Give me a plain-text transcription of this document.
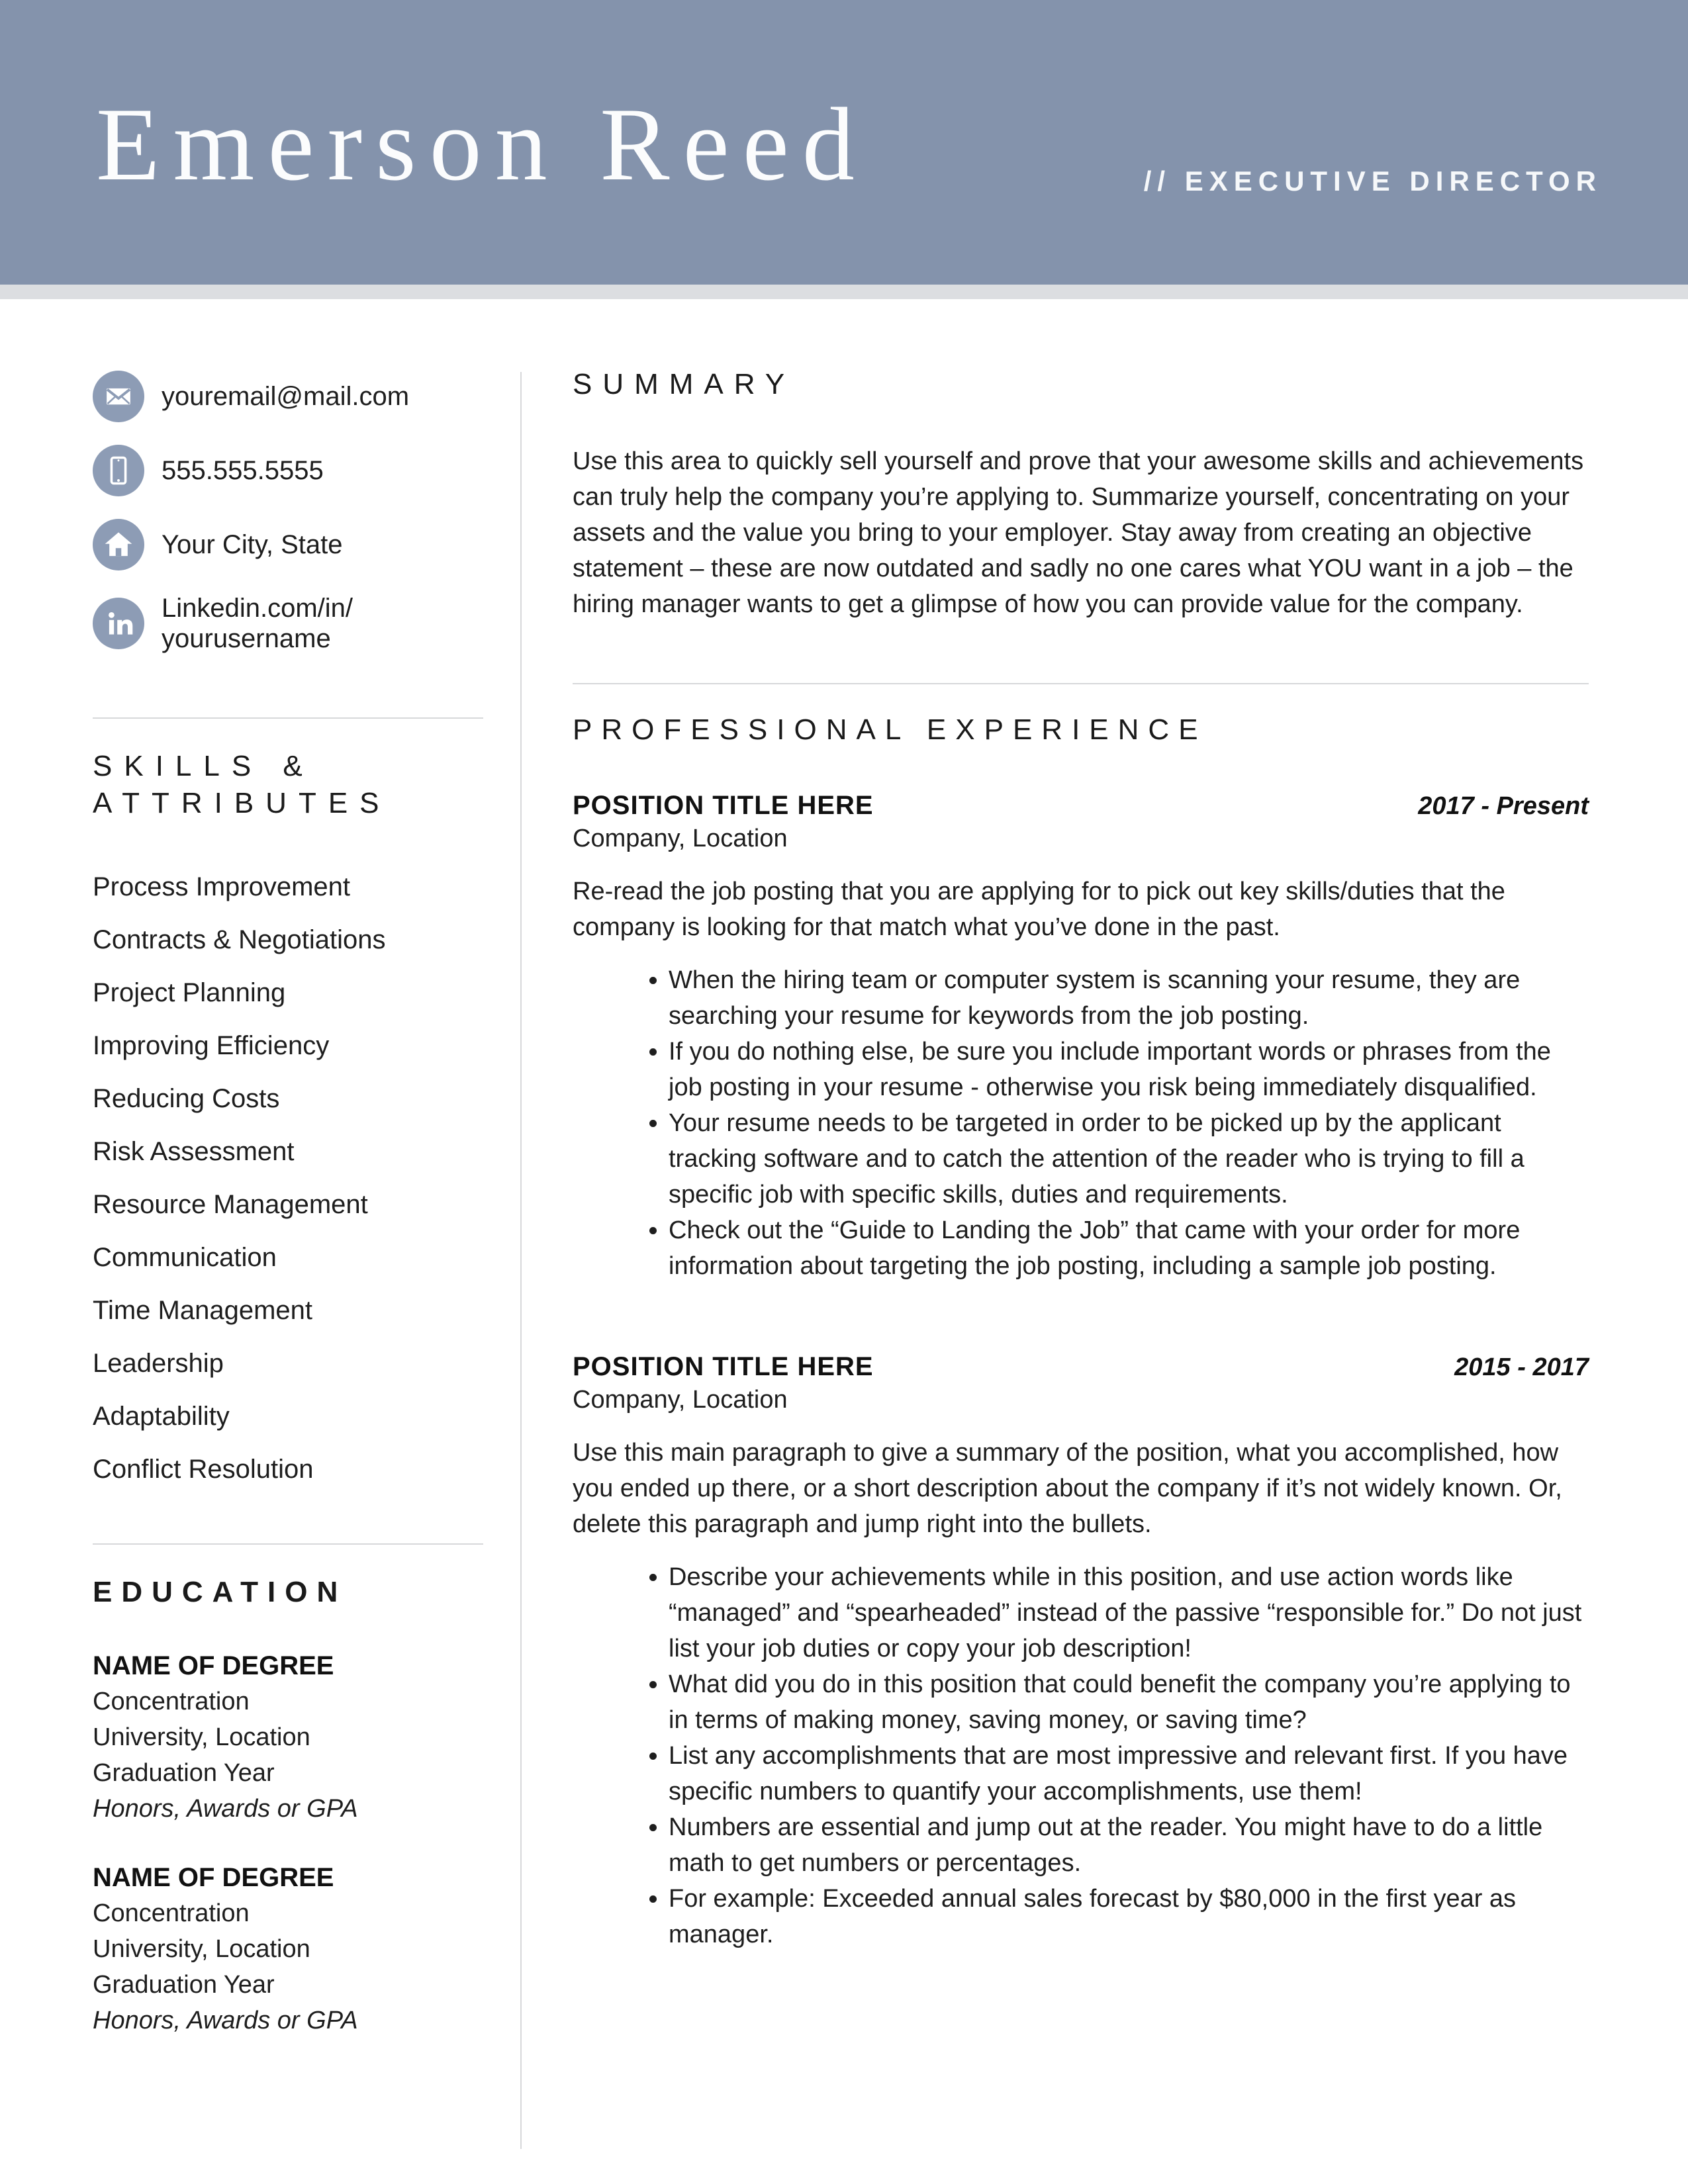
Emerson Reed	// EXECUTIVE DIRECTOR
youremail@mail.com
555.555.5555
Your City, State
Linkedin.com/in/
yourusername
SKILLS & ATTRIBUTES
Process Improvement
Contracts & Negotiations
Project Planning
Improving Efficiency
Reducing Costs
Risk Assessment
Resource Management
Communication
Time Management
Leadership
Adaptability
Conflict Resolution
EDUCATION
NAME OF DEGREE
Concentration
University, Location
Graduation Year
Honors, Awards or GPA
NAME OF DEGREE
Concentration
University, Location
Graduation Year
Honors, Awards or GPA
SUMMARY

Use this area to quickly sell yourself and prove that your awesome skills and achievements can truly help the company you’re applying to. Summarize yourself, concentrating on your assets and the value you bring to your employer. Stay away from creating an objective statement – these are now outdated and sadly no one cares what YOU want in a job – the hiring manager wants to get a glimpse of how you can provide value for the company.

PROFESSIONAL EXPERIENCE
POSITION TITLE HERE	2017 - Present
Company, Location

Re-read the job posting that you are applying for to pick out key skills/duties that the company is looking for that match what you’ve done in the past.

• When the hiring team or computer system is scanning your resume, they are searching your resume for keywords from the job posting.
• If you do nothing else, be sure you include important words or phrases from the job posting in your resume - otherwise you risk being immediately disqualified.
• Your resume needs to be targeted in order to be picked up by the applicant tracking software and to catch the attention of the reader who is trying to fill a specific job with specific skills, duties and requirements.
• Check out the “Guide to Landing the Job” that came with your order for more information about targeting the job posting, including a sample job posting.
POSITION TITLE HERE	2015 - 2017
Company, Location

Use this main paragraph to give a summary of the position, what you accomplished, how you ended up there, or a short description about the company if it’s not widely known. Or, delete this paragraph and jump right into the bullets.

• Describe your achievements while in this position, and use action words like “managed” and “spearheaded” instead of the passive “responsible for.” Do not just list your job duties or copy your job description!
• What did you do in this position that could benefit the company you’re applying to in terms of making money, saving money, or saving time?
• List any accomplishments that are most impressive and relevant first. If you have specific numbers to quantify your accomplishments, use them!
• Numbers are essential and jump out at the reader. You might have to do a little math to get numbers or percentages.
• For example: Exceeded annual sales forecast by $80,000 in the first year as manager.
